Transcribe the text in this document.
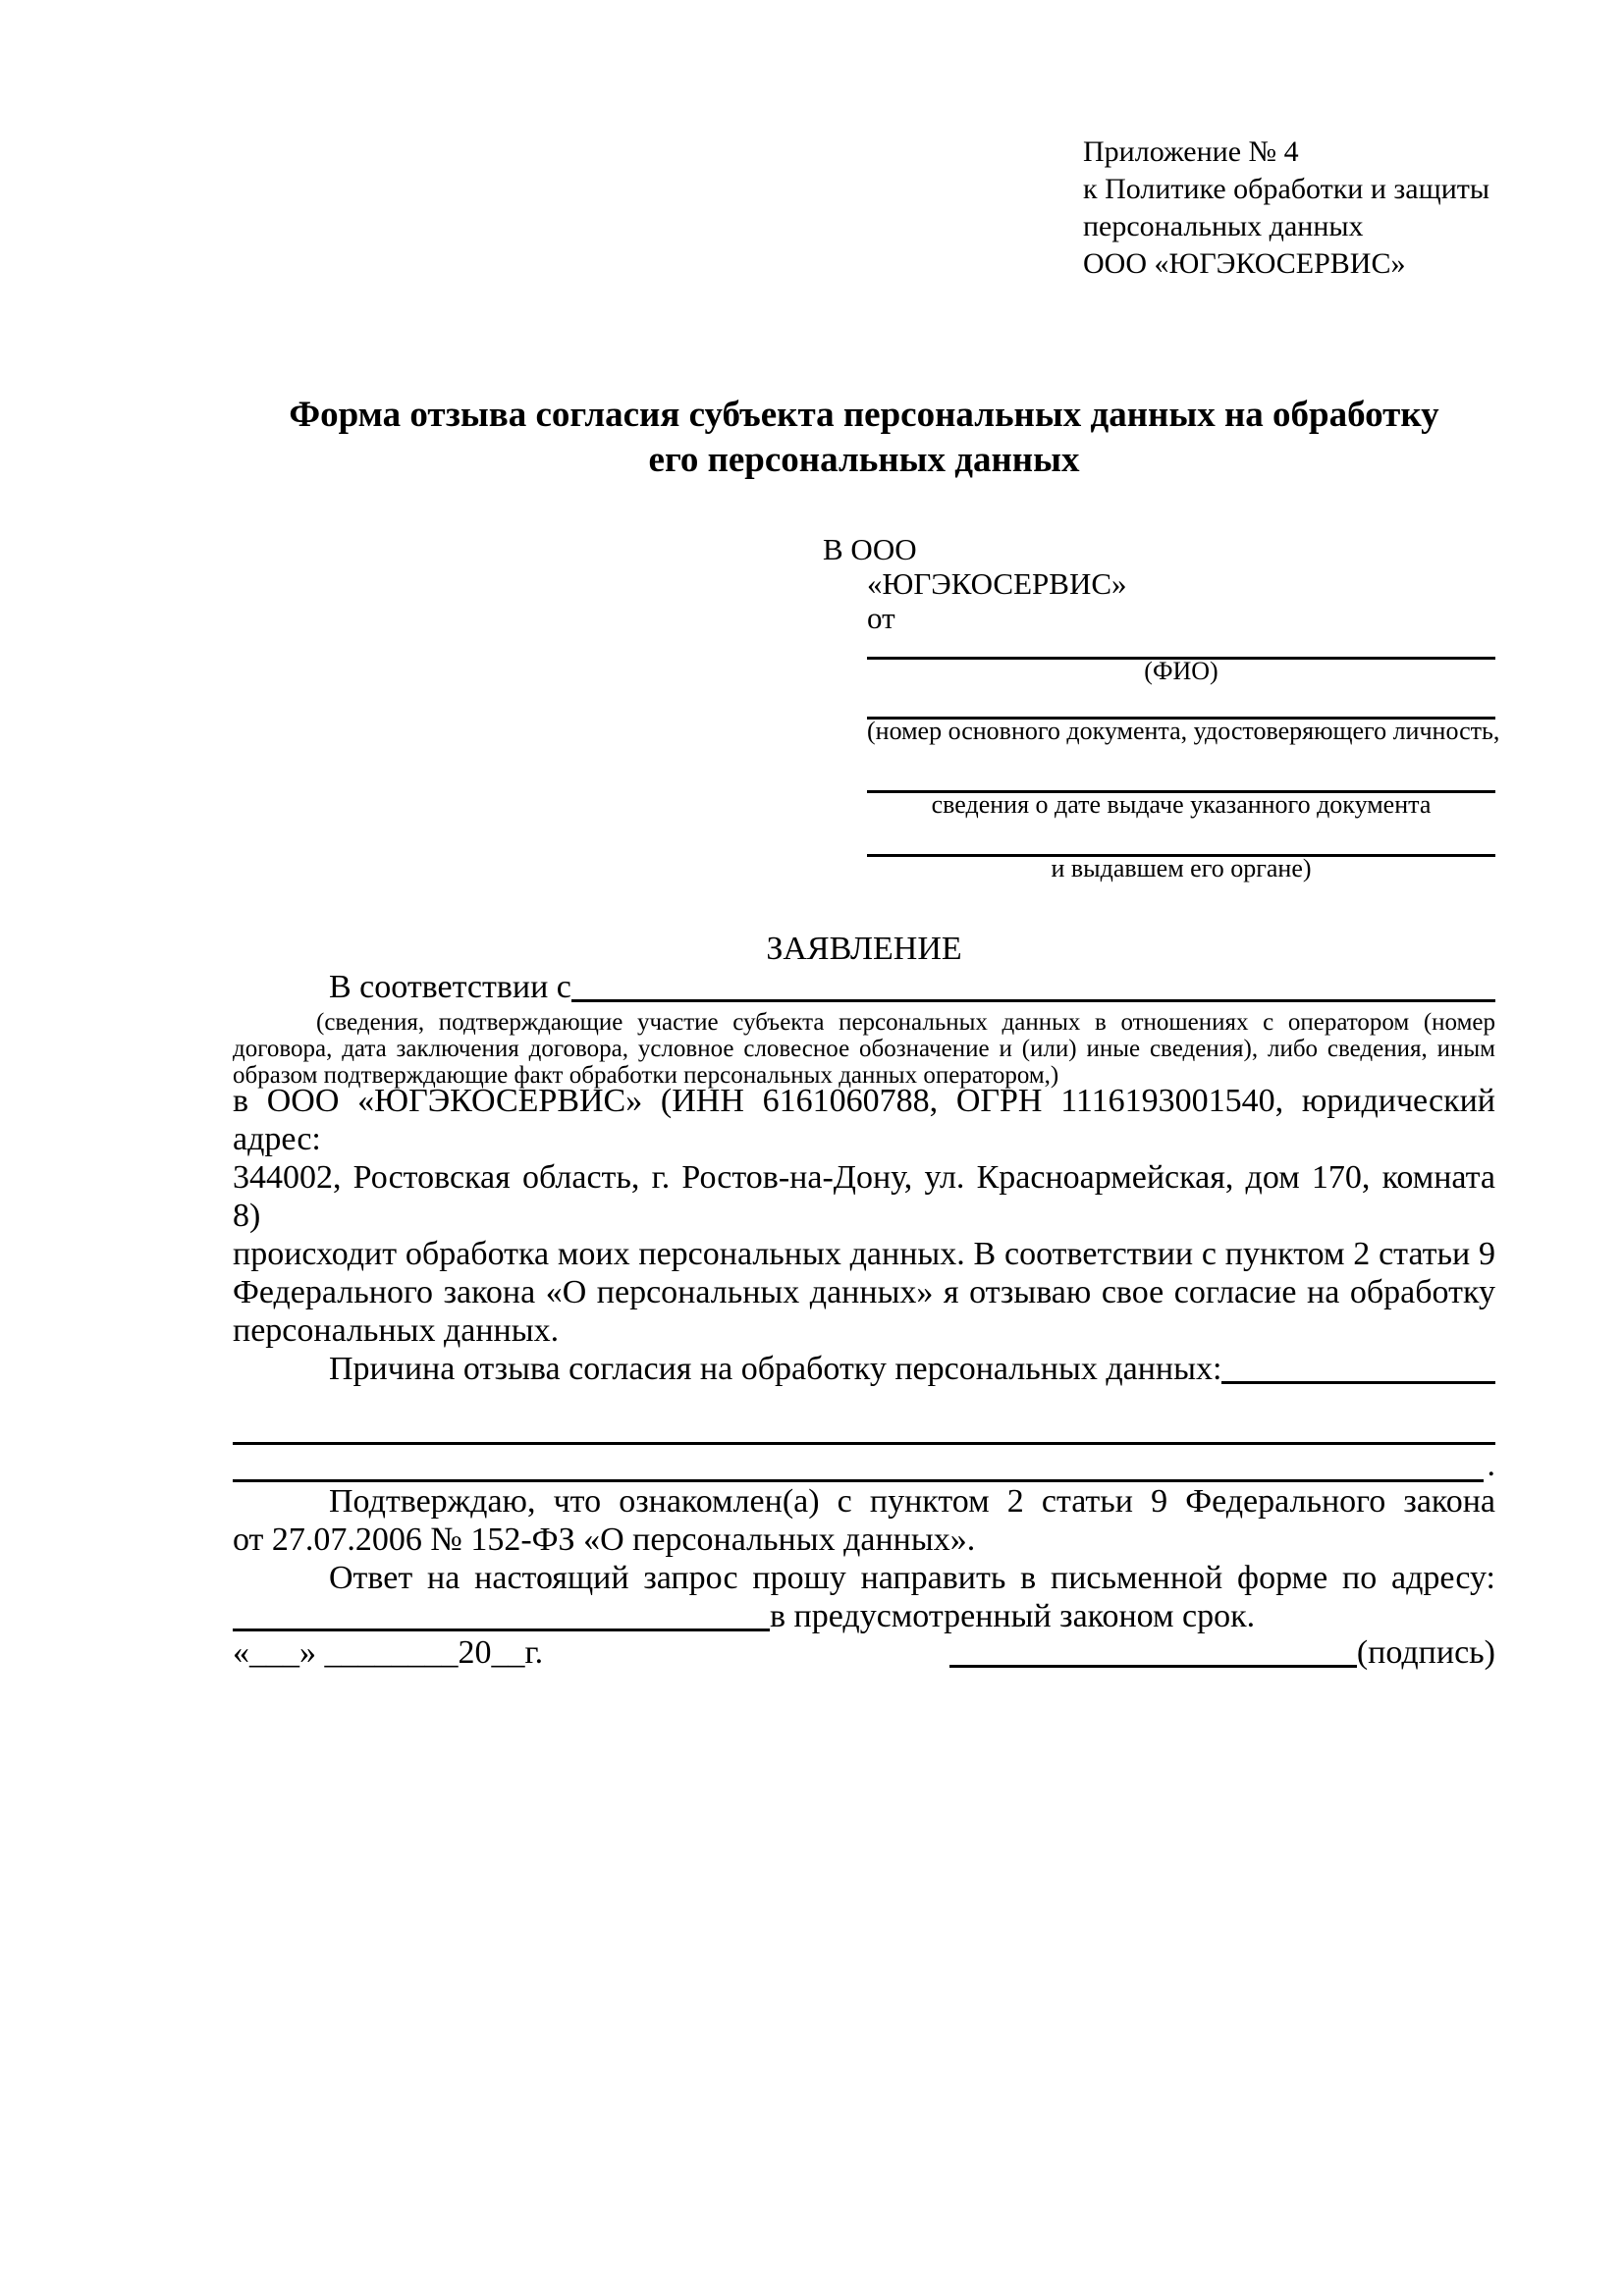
Приложение № 4
к Политике обработки и защиты
персональных данных
ООО «ЮГЭКОСЕРВИС»
Форма отзыва согласия субъекта персональных данных на обработку
его персональных данных
В ООО
«ЮГЭКОСЕРВИС»
от
(ФИО)
(номер основного документа, удостоверяющего личность,
сведения о дате выдаче указанного документа
и выдавшем его органе)
ЗАЯВЛЕНИЕ
В соответствии с
(сведения, подтверждающие участие субъекта персональных данных в отношениях с оператором (номер договора, дата заключения договора, условное словесное обозначение и (или) иные сведения), либо сведения, иным образом подтверждающие факт обработки персональных данных оператором,)
в ООО «ЮГЭКОСЕРВИС» (ИНН 6161060788, ОГРН 1116193001540, юридический адрес:
344002, Ростовская область, г. Ростов-на-Дону, ул. Красноармейская, дом 170, комната 8)
происходит обработка моих персональных данных. В соответствии с пунктом 2 статьи 9
Федерального закона «О персональных данных» я отзываю свое согласие на обработку
персональных данных.
Причина отзыва согласия на обработку персональных данных:
.
Подтверждаю, что ознакомлен(а) с пунктом 2 статьи 9 Федерального закона
от 27.07.2006 № 152-ФЗ «О персональных данных».
Ответ на настоящий запрос прошу направить в письменной форме по адресу:
в предусмотренный законом срок.
«___» ________20__г.	(подпись)
